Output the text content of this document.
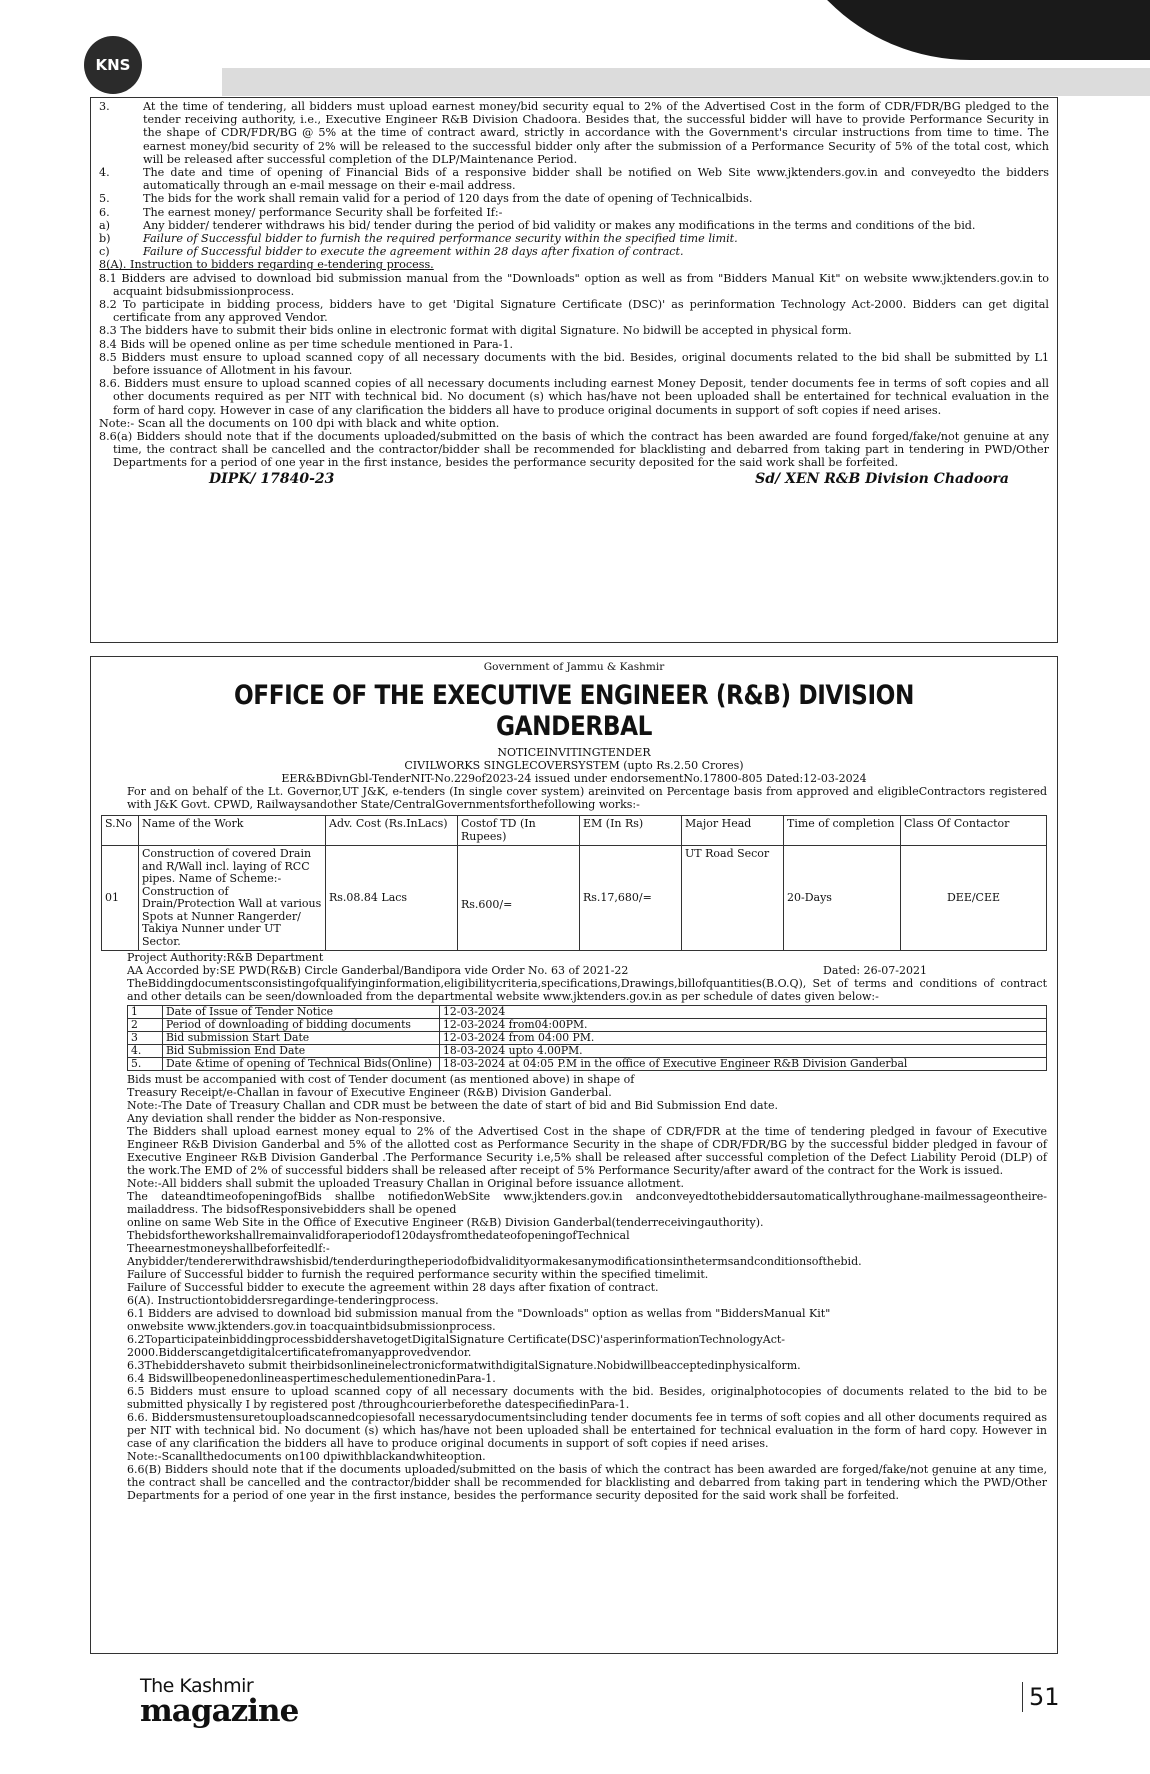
KNS
3.	At the time of tendering, all bidders must upload earnest money/bid security equal to 2% of the Advertised Cost in the form of CDR/FDR/BG pledged to the tender receiving authority, i.e., Executive Engineer R&B Division Chadoora. Besides that, the successful bidder will have to provide Performance Security in the shape of CDR/FDR/BG @ 5% at the time of contract award, strictly in accordance with the Government's circular instructions from time to time. The earnest money/bid security of 2% will be released to the successful bidder only after the submission of a Performance Security of 5% of the total cost, which will be released after successful completion of the DLP/Maintenance Period.
4.	The date and time of opening of Financial Bids of a responsive bidder shall be notified on Web Site www.jktenders.gov.in and conveyedto the bidders automatically through an e-mail message on their e-mail address.
5.	The bids for the work shall remain valid for a period of 120 days from the date of opening of Technicalbids.
6.	The earnest money/ performance Security shall be forfeited If:-
a)	Any bidder/ tenderer withdraws his bid/ tender during the period of bid validity or makes any modifications in the terms and conditions of the bid.
b)	Failure of Successful bidder to furnish the required performance security within the specified time limit.
c)	Failure of Successful bidder to execute the agreement within 28 days after fixation of contract.

8(A). Instruction to bidders regarding e-tendering process.

8.1 Bidders are advised to download bid submission manual from the "Downloads" option as well as from "Bidders Manual Kit" on website www.jktenders.gov.in to acquaint bidsubmissionprocess.

8.2 To participate in bidding process, bidders have to get 'Digital Signature Certificate (DSC)' as perinformation Technology Act-2000. Bidders can get digital certificate from any approved Vendor.

8.3 The bidders have to submit their bids online in electronic format with digital Signature. No bidwill be accepted in physical form.

8.4 Bids will be opened online as per time schedule mentioned in Para-1.

8.5 Bidders must ensure to upload scanned copy of all necessary documents with the bid. Besides, original documents related to the bid shall be submitted by L1 before issuance of Allotment in his favour.

8.6. Bidders must ensure to upload scanned copies of all necessary documents including earnest Money Deposit, tender documents fee in terms of soft copies and all other documents required as per NIT with technical bid. No document (s) which has/have not been uploaded shall be entertained for technical evaluation in the form of hard copy. However in case of any clarification the bidders all have to produce original documents in support of soft copies if need arises.

Note:- Scan all the documents on 100 dpi with black and white option.

8.6(a) Bidders should note that if the documents uploaded/submitted on the basis of which the contract has been awarded are found forged/fake/not genuine at any time, the contract shall be cancelled and the contractor/bidder shall be recommended for blacklisting and debarred from taking part in tendering in PWD/Other Departments for a period of one year in the first instance, besides the performance security deposited for the said work shall be forfeited.

DIPK/ 17840-23	Sd/ XEN R&B Division Chadoora

Government of Jammu & Kashmir

OFFICE OF THE EXECUTIVE ENGINEER (R&B) DIVISION GANDERBAL

NOTICEINVITINGTENDER

CIVILWORKS SINGLECOVERSYSTEM (upto Rs.2.50 Crores)

EER&BDivnGbl-TenderNIT-No.229of2023-24 issued under endorsementNo.17800-805 Dated:12-03-2024

For and on behalf of the Lt. Governor,UT J&K, e-tenders (In single cover system) areinvited on Percentage basis from approved and eligibleContractors registered with J&K Govt. CPWD, Railwaysandother State/CentralGovernmentsforthefollowing works:-

S.No	Name of the Work	Adv. Cost (Rs.InLacs)	Costof TD (In Rupees)	EM (In Rs)	Major Head	Time of completion	Class Of Contactor
01	Construction of covered Drain and R/Wall incl. laying of RCC pipes. Name of Scheme:-Construction of Drain/Protection Wall at various Spots at Nunner Rangerder/ Takiya Nunner under UT Sector.	Rs.08.84 Lacs	Rs.600/=	Rs.17,680/=	UT Road Secor	20-Days	DEE/CEE

Project Authority:R&B Department

AA Accorded by:SE PWD(R&B) Circle Ganderbal/Bandipora vide Order No. 63 of 2021-22	Dated: 26-07-2021

TheBiddingdocumentsconsistingofqualifyinginformation,eligibilitycriteria,specifications,Drawings,billofquantities(B.O.Q), Set of terms and conditions of contract and other details can be seen/downloaded from the departmental website www.jktenders.gov.in as per schedule of dates given below:-

1	Date of Issue of Tender Notice	12-03-2024
2	Period of downloading of bidding documents	12-03-2024 from04:00PM.
3	Bid submission Start Date	12-03-2024 from 04:00 PM.
4.	Bid Submission End Date	18-03-2024 upto 4.00PM.
5.	Date &time of opening of Technical Bids(Online)	18-03-2024 at 04:05 P.M in the office of Executive Engineer R&B Division Ganderbal

Bids must be accompanied with cost of Tender document (as mentioned above) in shape of

Treasury Receipt/e-Challan in favour of Executive Engineer (R&B) Division Ganderbal.

Note:-The Date of Treasury Challan and CDR must be between the date of start of bid and Bid Submission End date.

Any deviation shall render the bidder as Non-responsive.

The Bidders shall upload earnest money equal to 2% of the Advertised Cost in the shape of CDR/FDR at the time of tendering pledged in favour of Executive Engineer R&B Division Ganderbal and 5% of the allotted cost as Performance Security in the shape of CDR/FDR/BG by the successful bidder pledged in favour of Executive Engineer R&B Division Ganderbal .The Performance Security i.e,5% shall be released after successful completion of the Defect Liability Peroid (DLP) of the work.The EMD of 2% of successful bidders shall be released after receipt of 5% Performance Security/after award of the contract for the Work is issued.

Note:-All bidders shall submit the uploaded Treasury Challan in Original before issuance allotment.

The dateandtimeofopeningofBids shallbe notifiedonWebSite www.jktenders.gov.in andconveyedtothebiddersautomaticallythroughane-mailmessageontheire-mailaddress. The bidsofResponsivebidders shall be opened

online on same Web Site in the Office of Executive Engineer (R&B) Division Ganderbal(tenderreceivingauthority).

Thebidsfortheworkshallremainvalidforaperiodof120daysfromthedateofopeningofTechnical

Theearnestmoneyshallbeforfeitedlf:-

Anybidder/tendererwithdrawshisbid/tenderduringtheperiodofbidvalidityormakesanymodificationsinthetermsandconditionsofthebid.

Failure of Successful bidder to furnish the required performance security within the specified timelimit.

Failure of Successful bidder to execute the agreement within 28 days after fixation of contract.

6(A). Instructiontobiddersregardinge-tenderingprocess.

6.1 Bidders are advised to download bid submission manual from the "Downloads" option as wellas from "BiddersManual Kit"

onwebsite www.jktenders.gov.in toacquaintbidsubmissionprocess.

6.2ToparticipateinbiddingprocessbiddershavetogetDigitalSignature Certificate(DSC)'asperinformationTechnologyAct-

2000.Bidderscangetdigitalcertificatefromanyapprovedvendor.

6.3Thebiddershaveto submit theirbidsonlineinelectronicformatwithdigitalSignature.Nobidwillbeacceptedinphysicalform.

6.4 BidswillbeopenedonlineaspertimeschedulementionedinPara-1.

6.5 Bidders must ensure to upload scanned copy of all necessary documents with the bid. Besides, originalphotocopies of documents related to the bid to be submitted physically I by registered post /throughcourierbeforethe datespecifiedinPara-1.

6.6. Biddersmustensuretouploadscannedcopiesofall necessarydocumentsincluding tender documents fee in terms of soft copies and all other documents required as per NIT with technical bid. No document (s) which has/have not been uploaded shall be entertained for technical evaluation in the form of hard copy. However in case of any clarification the bidders all have to produce original documents in support of soft copies if need arises.

Note:-Scanallthedocuments on100 dpiwithblackandwhiteoption.

6.6(B) Bidders should note that if the documents uploaded/submitted on the basis of which the contract has been awarded are forged/fake/not genuine at any time, the contract shall be cancelled and the contractor/bidder shall be recommended for blacklisting and debarred from taking part in tendering which the PWD/Other Departments for a period of one year in the first instance, besides the performance security deposited for the said work shall be forfeited.

The Kashmir
magazine	51
